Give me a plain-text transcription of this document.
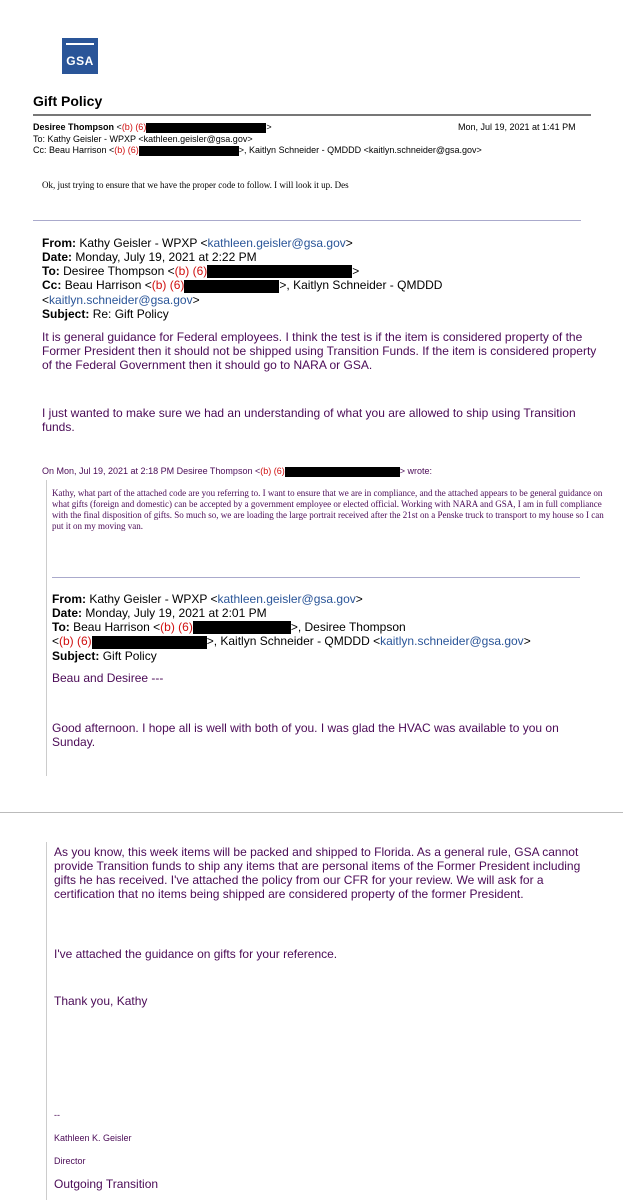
GSA
Gift Policy
Desiree Thompson <(b) (6)	>	Mon, Jul 19, 2021 at 1:41 PM
To: Kathy Geisler - WPXP <kathleen.geisler@gsa.gov>
Cc: Beau Harrison <(b) (6)	>, Kaitlyn Schneider - QMDDD <kaitlyn.schneider@gsa.gov>
Ok, just trying to ensure that we have the proper code to follow. I will look it up. Des
From: Kathy Geisler - WPXP <kathleen.geisler@gsa.gov>
Date: Monday, July 19, 2021 at 2:22 PM
To: Desiree Thompson <(b) (6)	>
Cc: Beau Harrison <(b) (6)	>, Kaitlyn Schneider - QMDDD
<kaitlyn.schneider@gsa.gov>
Subject: Re: Gift Policy
It is general guidance for Federal employees. I think the test is if the item is considered property of the Former President then it should not be shipped using Transition Funds. If the item is considered property of the Federal Government then it should go to NARA or GSA.
I just wanted to make sure we had an understanding of what you are allowed to ship using Transition funds.
On Mon, Jul 19, 2021 at 2:18 PM Desiree Thompson <(b) (6)	> wrote:
Kathy, what part of the attached code are you referring to. I want to ensure that we are in compliance, and the attached appears to be general guidance on what gifts (foreign and domestic) can be accepted by a government employee or elected official. Working with NARA and GSA, I am in full compliance with the final disposition of gifts. So much so, we are loading the large portrait received after the 21st on a Penske truck to transport to my house so I can put it on my moving van.
From: Kathy Geisler - WPXP <kathleen.geisler@gsa.gov>
Date: Monday, July 19, 2021 at 2:01 PM
To: Beau Harrison <(b) (6)	>, Desiree Thompson
<(b) (6)	>, Kaitlyn Schneider - QMDDD <kaitlyn.schneider@gsa.gov>
Subject: Gift Policy
Beau and Desiree ---
Good afternoon. I hope all is well with both of you. I was glad the HVAC was available to you on Sunday.
As you know, this week items will be packed and shipped to Florida. As a general rule, GSA cannot provide Transition funds to ship any items that are personal items of the Former President including gifts he has received. I've attached the policy from our CFR for your review. We will ask for a certification that no items being shipped are considered property of the former President.
I've attached the guidance on gifts for your reference.
Thank you, Kathy
--
Kathleen K. Geisler
Director
Outgoing Transition
